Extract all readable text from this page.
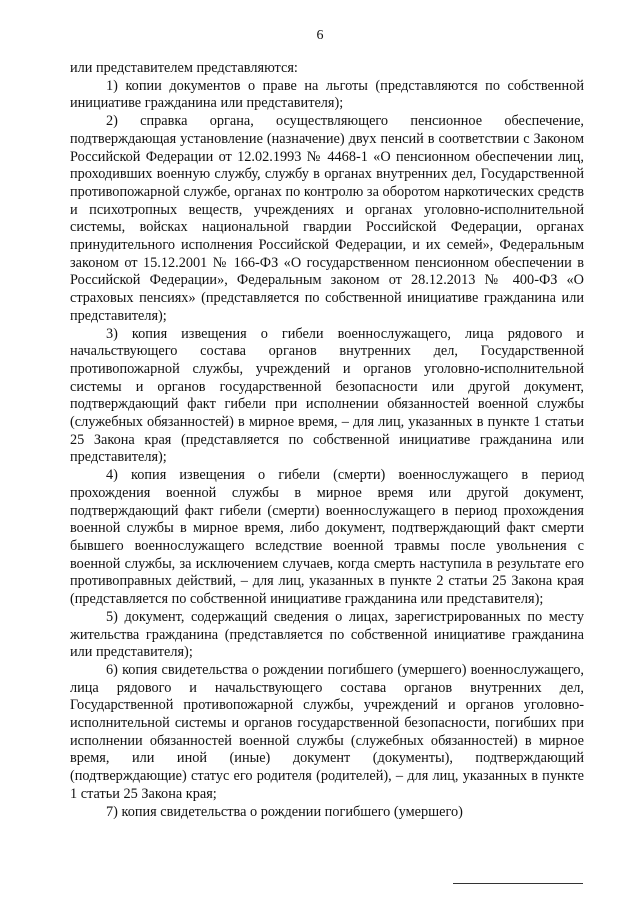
6

или представителем представляются:

1) копии документов о праве на льготы (представляются по собственной инициативе гражданина или представителя);

2) справка органа, осуществляющего пенсионное обеспечение, подтверждающая установление (назначение) двух пенсий в соответствии с Законом Российской Федерации от 12.02.1993 № 4468-1 «О пенсионном обеспечении лиц, проходивших военную службу, службу в органах внутренних дел, Государственной противопожарной службе, органах по контролю за оборотом наркотических средств и психотропных веществ, учреждениях и органах уголовно-исполнительной системы, войсках национальной гвардии Российской Федерации, органах принудительного исполнения Российской Федерации, и их семей», Федеральным законом от 15.12.2001 № 166-ФЗ «О государственном пенсионном обеспечении в Российской Федерации», Федеральным законом от 28.12.2013 № 400-ФЗ «О страховых пенсиях» (представляется по собственной инициативе гражданина или представителя);

3) копия извещения о гибели военнослужащего, лица рядового и начальствующего состава органов внутренних дел, Государственной противопожарной службы, учреждений и органов уголовно-исполнительной системы и органов государственной безопасности или другой документ, подтверждающий факт гибели при исполнении обязанностей военной службы (служебных обязанностей) в мирное время, – для лиц, указанных в пункте 1 статьи 25 Закона края (представляется по собственной инициативе гражданина или представителя);

4) копия извещения о гибели (смерти) военнослужащего в период прохождения военной службы в мирное время или другой документ, подтверждающий факт гибели (смерти) военнослужащего в период прохождения военной службы в мирное время, либо документ, подтверждающий факт смерти бывшего военнослужащего вследствие военной травмы после увольнения с военной службы, за исключением случаев, когда смерть наступила в результате его противоправных действий, – для лиц, указанных в пункте 2 статьи 25 Закона края (представляется по собственной инициативе гражданина или представителя);

5) документ, содержащий сведения о лицах, зарегистрированных по месту жительства гражданина (представляется по собственной инициативе гражданина или представителя);

6) копия свидетельства о рождении погибшего (умершего) военнослужащего, лица рядового и начальствующего состава органов внутренних дел, Государственной противопожарной службы, учреждений и органов уголовно-исполнительной системы и органов государственной безопасности, погибших при исполнении обязанностей военной службы (служебных обязанностей) в мирное время, или иной (иные) документ (документы), подтверждающий (подтверждающие) статус его родителя (родителей), – для лиц, указанных в пункте 1 статьи 25 Закона края;

7) копия свидетельства о рождении погибшего (умершего)
